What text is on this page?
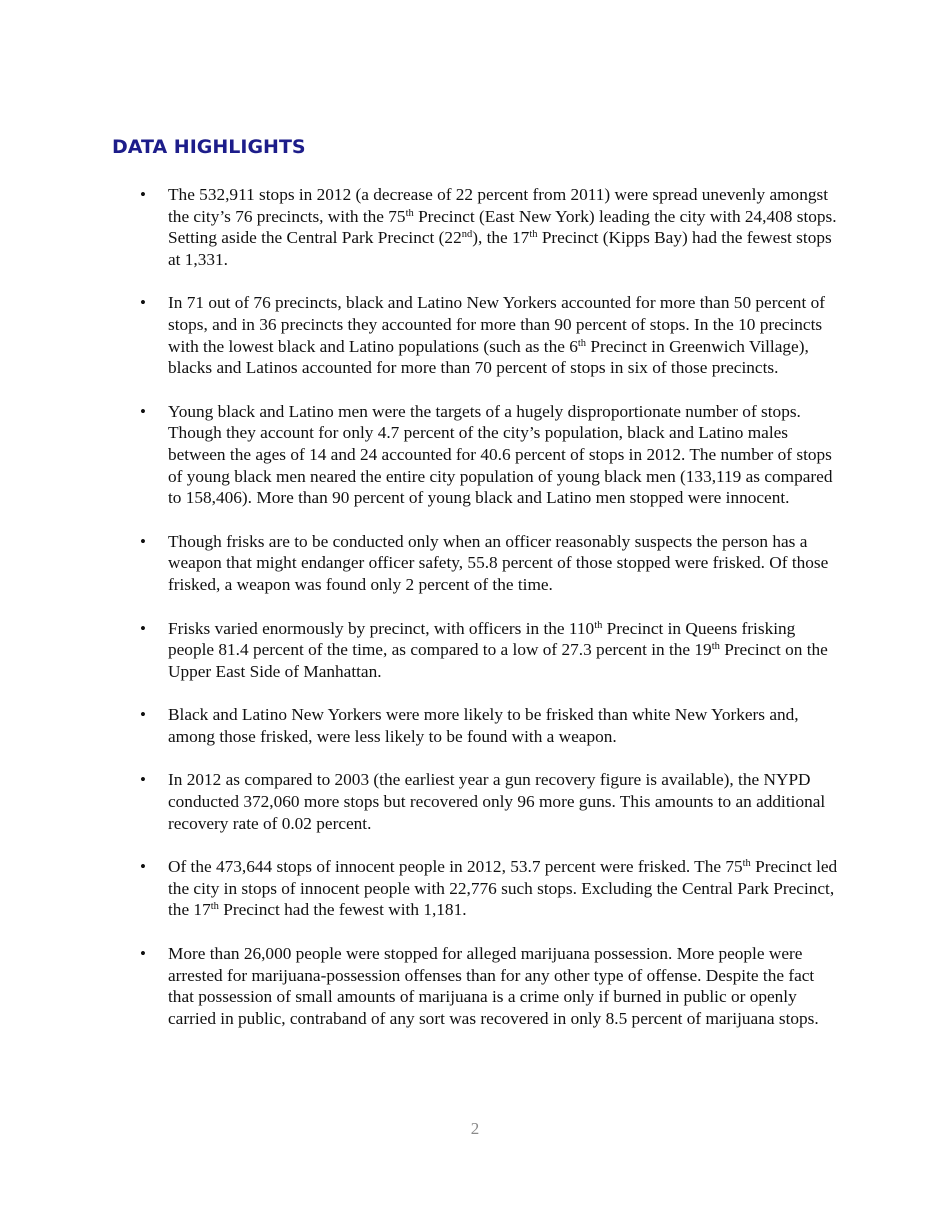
DATA HIGHLIGHTS
• The 532,911 stops in 2012 (a decrease of 22 percent from 2011) were spread unevenly amongst the city’s 76 precincts, with the 75th Precinct (East New York) leading the city with 24,408 stops. Setting aside the Central Park Precinct (22nd), the 17th Precinct (Kipps Bay) had the fewest stops at 1,331.
• In 71 out of 76 precincts, black and Latino New Yorkers accounted for more than 50 percent of stops, and in 36 precincts they accounted for more than 90 percent of stops. In the 10 precincts with the lowest black and Latino populations (such as the 6th Precinct in Greenwich Village), blacks and Latinos accounted for more than 70 percent of stops in six of those precincts.
• Young black and Latino men were the targets of a hugely disproportionate number of stops. Though they account for only 4.7 percent of the city’s population, black and Latino males between the ages of 14 and 24 accounted for 40.6 percent of stops in 2012. The number of stops of young black men neared the entire city population of young black men (133,119 as compared to 158,406). More than 90 percent of young black and Latino men stopped were innocent.
• Though frisks are to be conducted only when an officer reasonably suspects the person has a weapon that might endanger officer safety, 55.8 percent of those stopped were frisked. Of those frisked, a weapon was found only 2 percent of the time.
• Frisks varied enormously by precinct, with officers in the 110th Precinct in Queens frisking people 81.4 percent of the time, as compared to a low of 27.3 percent in the 19th Precinct on the Upper East Side of Manhattan.
• Black and Latino New Yorkers were more likely to be frisked than white New Yorkers and, among those frisked, were less likely to be found with a weapon.
• In 2012 as compared to 2003 (the earliest year a gun recovery figure is available), the NYPD conducted 372,060 more stops but recovered only 96 more guns. This amounts to an additional recovery rate of 0.02 percent.
• Of the 473,644 stops of innocent people in 2012, 53.7 percent were frisked. The 75th Precinct led the city in stops of innocent people with 22,776 such stops. Excluding the Central Park Precinct, the 17th Precinct had the fewest with 1,181.
• More than 26,000 people were stopped for alleged marijuana possession. More people were arrested for marijuana-possession offenses than for any other type of offense. Despite the fact that possession of small amounts of marijuana is a crime only if burned in public or openly carried in public, contraband of any sort was recovered in only 8.5 percent of marijuana stops.
2
